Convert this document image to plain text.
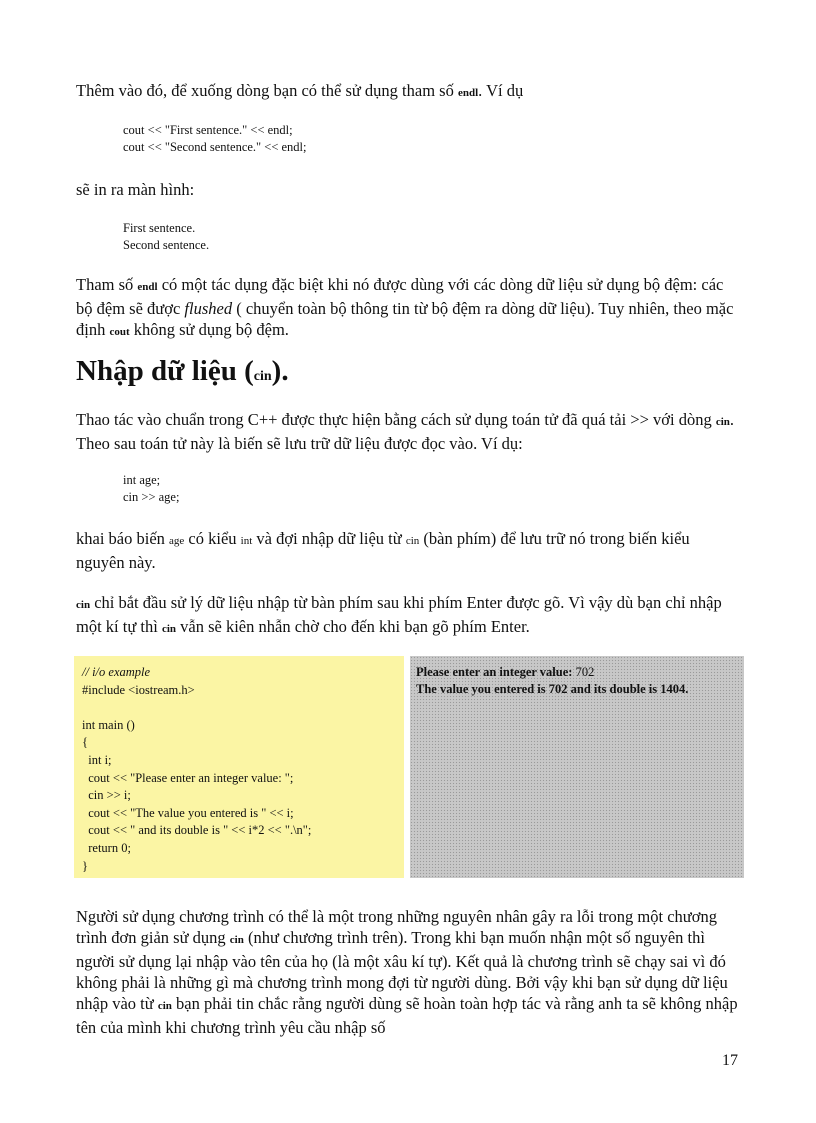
Thêm vào đó, để xuống dòng bạn có thể sử dụng tham số endl. Ví dụ

cout << "First sentence." << endl;
cout << "Second sentence." << endl;

sẽ in ra màn hình:

First sentence.
Second sentence.

Tham số endl có một tác dụng đặc biệt khi nó được dùng với các dòng dữ liệu sử dụng bộ đệm: các bộ đệm sẽ được flushed ( chuyển toàn bộ thông tin từ bộ đệm ra dòng dữ liệu). Tuy nhiên, theo mặc định cout không sử dụng bộ đệm.

Nhập dữ liệu (cin).

Thao tác vào chuẩn trong C++ được thực hiện bằng cách sử dụng toán tử đã quá tải >> với dòng cin. Theo sau toán tử này là biến sẽ lưu trữ dữ liệu được đọc vào. Ví dụ:

int age;
cin >> age;

khai báo biến age có kiểu int và đợi nhập dữ liệu từ cin (bàn phím) để lưu trữ nó trong biến kiểu nguyên này.

cin chỉ bắt đầu sử lý dữ liệu nhập từ bàn phím sau khi phím Enter được gõ. Vì vậy dù bạn chỉ nhập một kí tự thì cin vẫn sẽ kiên nhẫn chờ cho đến khi bạn gõ phím Enter.

// i/o example
#include <iostream.h>

int main ()
{
int i;
cout << "Please enter an integer value: ";
cin >> i;
cout << "The value you entered is " << i;
cout << " and its double is " << i*2 << ".\n";
return 0;
}
Please enter an integer value: 702
The value you entered is 702 and its double is 1404.

Người sử dụng chương trình có thể là một trong những nguyên nhân gây ra lỗi trong một chương trình đơn giản sử dụng cin (như chương trình trên). Trong khi bạn muốn nhận một số nguyên thì người sử dụng lại nhập vào tên của họ (là một xâu kí tự). Kết quả là chương trình sẽ chạy sai vì đó không phải là những gì mà chương trình mong đợi từ người dùng. Bởi vậy khi bạn sử dụng dữ liệu nhập vào từ cin bạn phải tin chắc rằng người dùng sẽ hoàn toàn hợp tác và rằng anh ta sẽ không nhập tên của mình khi chương trình yêu cầu nhập số

17
